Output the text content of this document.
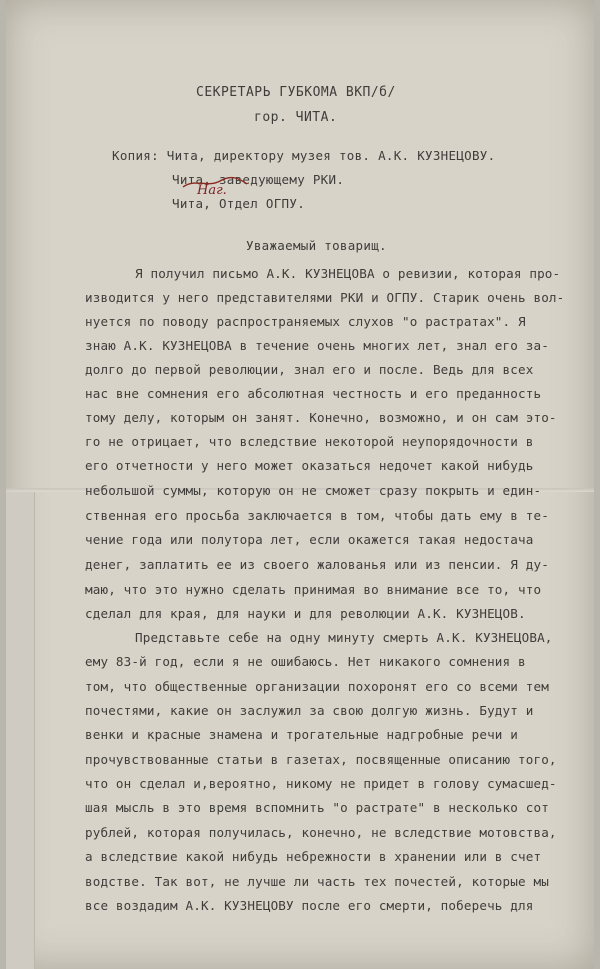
СЕКРЕТАРЬ ГУБКОМА ВКП/б/
гор. ЧИТА.
Копия: Чита, директору музея тов. А.К. КУЗНЕЦОВУ.
Чита, заведующему РКИ.
Чита, Отдел ОГПУ.
Наг.
Уважаемый товарищ.
Я получил письмо А.К. КУЗНЕЦОВА о ревизии, которая про-
изводится у него представителями РКИ и ОГПУ. Старик очень вол-
нуется по поводу распространяемых слухов "о растратах". Я
знаю А.К. КУЗНЕЦОВА в течение очень многих лет, знал его за-
долго до первой революции, знал его и после. Ведь для всех
нас вне сомнения его абсолютная честность и его преданность
тому делу, которым он занят. Конечно, возможно, и он сам это-
го не отрицает, что вследствие некоторой неупорядочности в
его отчетности у него может оказаться недочет какой нибудь
небольшой суммы, которую он не сможет сразу покрыть и един-
ственная его просьба заключается в том, чтобы дать ему в те-
чение года или полутора лет, если окажется такая недостача
денег, заплатить ее из своего жалованья или из пенсии. Я ду-
маю, что это нужно сделать принимая во внимание все то, что
сделал для края, для науки и для революции А.К. КУЗНЕЦОВ.
Представьте себе на одну минуту смерть А.К. КУЗНЕЦОВА,
ему 83-й год, если я не ошибаюсь. Нет никакого сомнения в
том, что общественные организации похоронят его со всеми тем
почестями, какие он заслужил за свою долгую жизнь. Будут и
венки и красные знамена и трогательные надгробные речи и
прочувствованные статьи в газетах, посвященные описанию того,
что он сделал и,вероятно, никому не придет в голову сумасшед-
шая мысль в это время вспомнить "о растрате" в несколько сот
рублей, которая получилась, конечно, не вследствие мотовства,
а вследствие какой нибудь небрежности в хранении или в счет
водстве. Так вот, не лучше ли часть тех почестей, которые мы
все воздадим А.К. КУЗНЕЦОВУ после его смерти, поберечь для
